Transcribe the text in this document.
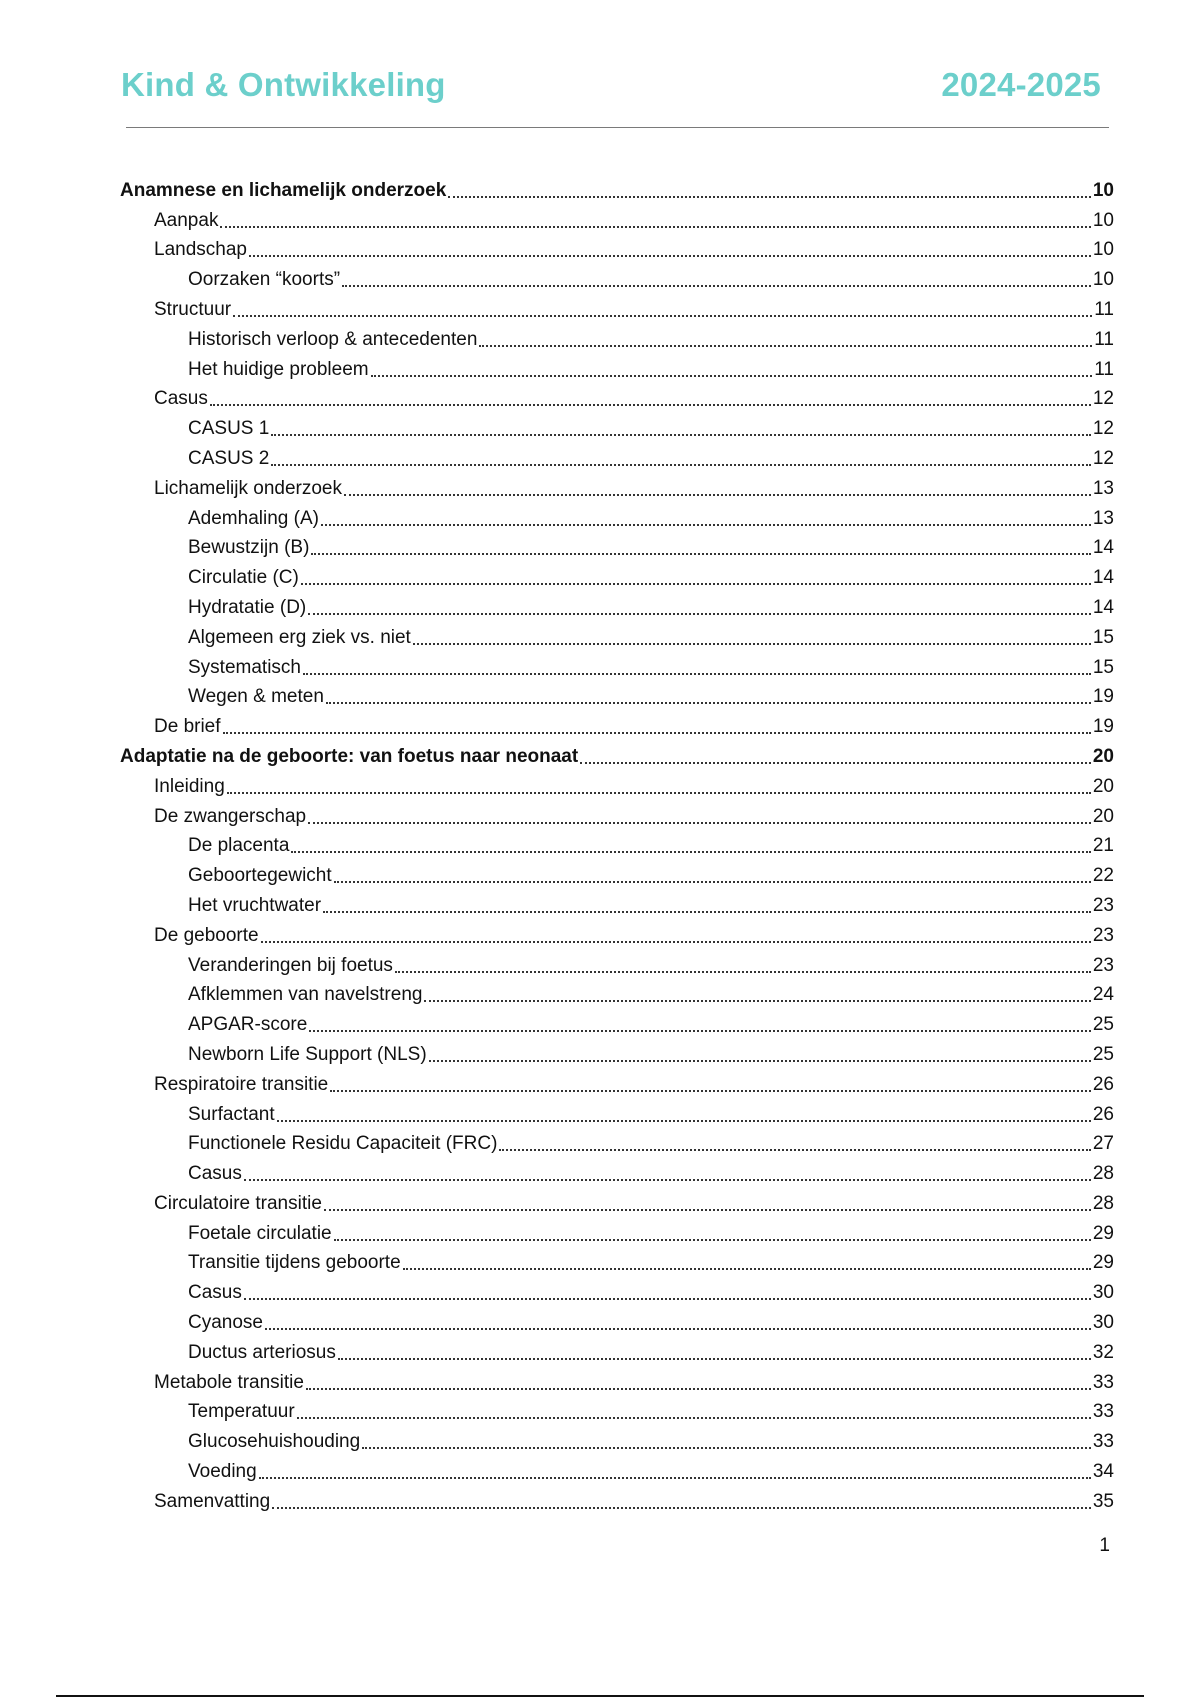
Kind & Ontwikkeling	2024-2025
Anamnese en lichamelijk onderzoek	10
Aanpak	10
Landschap	10
Oorzaken “koorts”	10
Structuur	11
Historisch verloop & antecedenten	11
Het huidige probleem	11
Casus	12
CASUS 1	12
CASUS 2	12
Lichamelijk onderzoek	13
Ademhaling (A)	13
Bewustzijn (B)	14
Circulatie (C)	14
Hydratatie (D)	14
Algemeen erg ziek vs. niet	15
Systematisch	15
Wegen & meten	19
De brief	19
Adaptatie na de geboorte: van foetus naar neonaat	20
Inleiding	20
De zwangerschap	20
De placenta	21
Geboortegewicht	22
Het vruchtwater	23
De geboorte	23
Veranderingen bij foetus	23
Afklemmen van navelstreng	24
APGAR-score	25
Newborn Life Support (NLS)	25
Respiratoire transitie	26
Surfactant	26
Functionele Residu Capaciteit (FRC)	27
Casus	28
Circulatoire transitie	28
Foetale circulatie	29
Transitie tijdens geboorte	29
Casus	30
Cyanose	30
Ductus arteriosus	32
Metabole transitie	33
Temperatuur	33
Glucosehuishouding	33
Voeding	34
Samenvatting	35
1
